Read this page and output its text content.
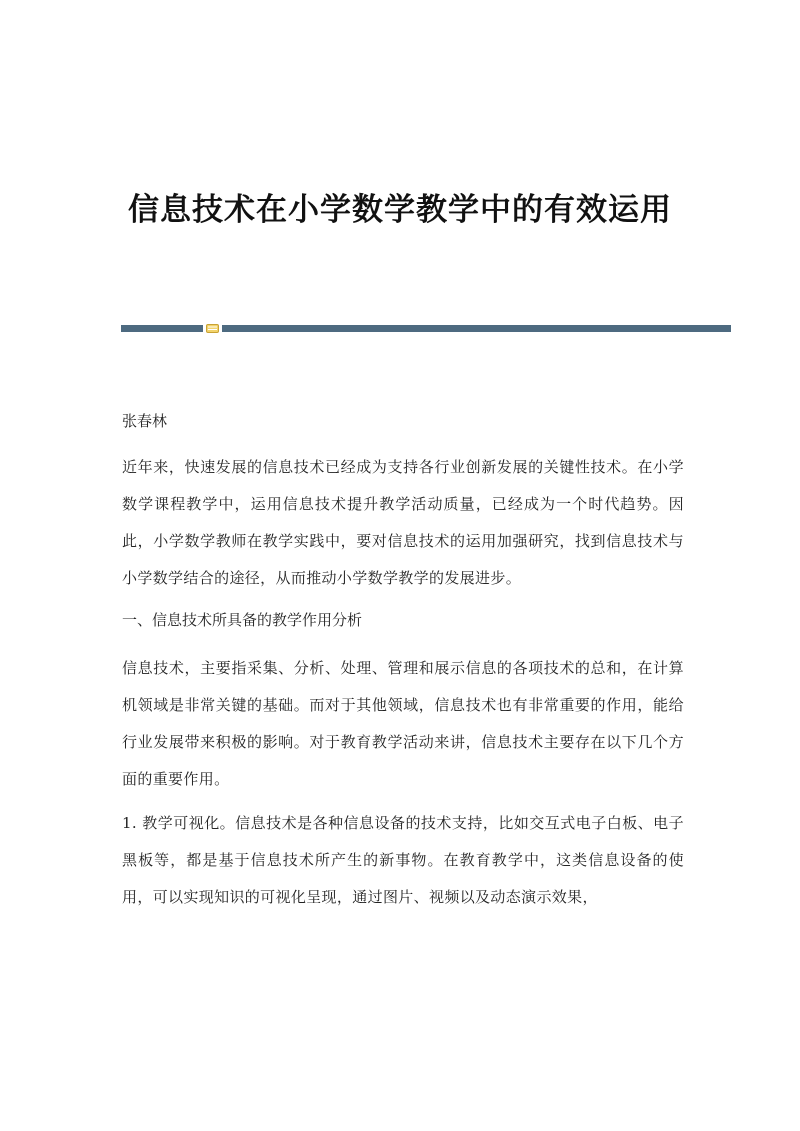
信息技术在小学数学教学中的有效运用

张春林

近年来，快速发展的信息技术已经成为支持各行业创新发展的关键性技术。在小学数学课程教学中，运用信息技术提升教学活动质量，已经成为一个时代趋势。因此，小学数学教师在教学实践中，要对信息技术的运用加强研究，找到信息技术与小学数学结合的途径，从而推动小学数学教学的发展进步。

一、信息技术所具备的教学作用分析

信息技术，主要指采集、分析、处理、管理和展示信息的各项技术的总和，在计算机领域是非常关键的基础。而对于其他领域，信息技术也有非常重要的作用，能给行业发展带来积极的影响。对于教育教学活动来讲，信息技术主要存在以下几个方面的重要作用。

1. 教学可视化。信息技术是各种信息设备的技术支持，比如交互式电子白板、电子黑板等，都是基于信息技术所产生的新事物。在教育教学中，这类信息设备的使用，可以实现知识的可视化呈现，通过图片、视频以及动态演示效果，
